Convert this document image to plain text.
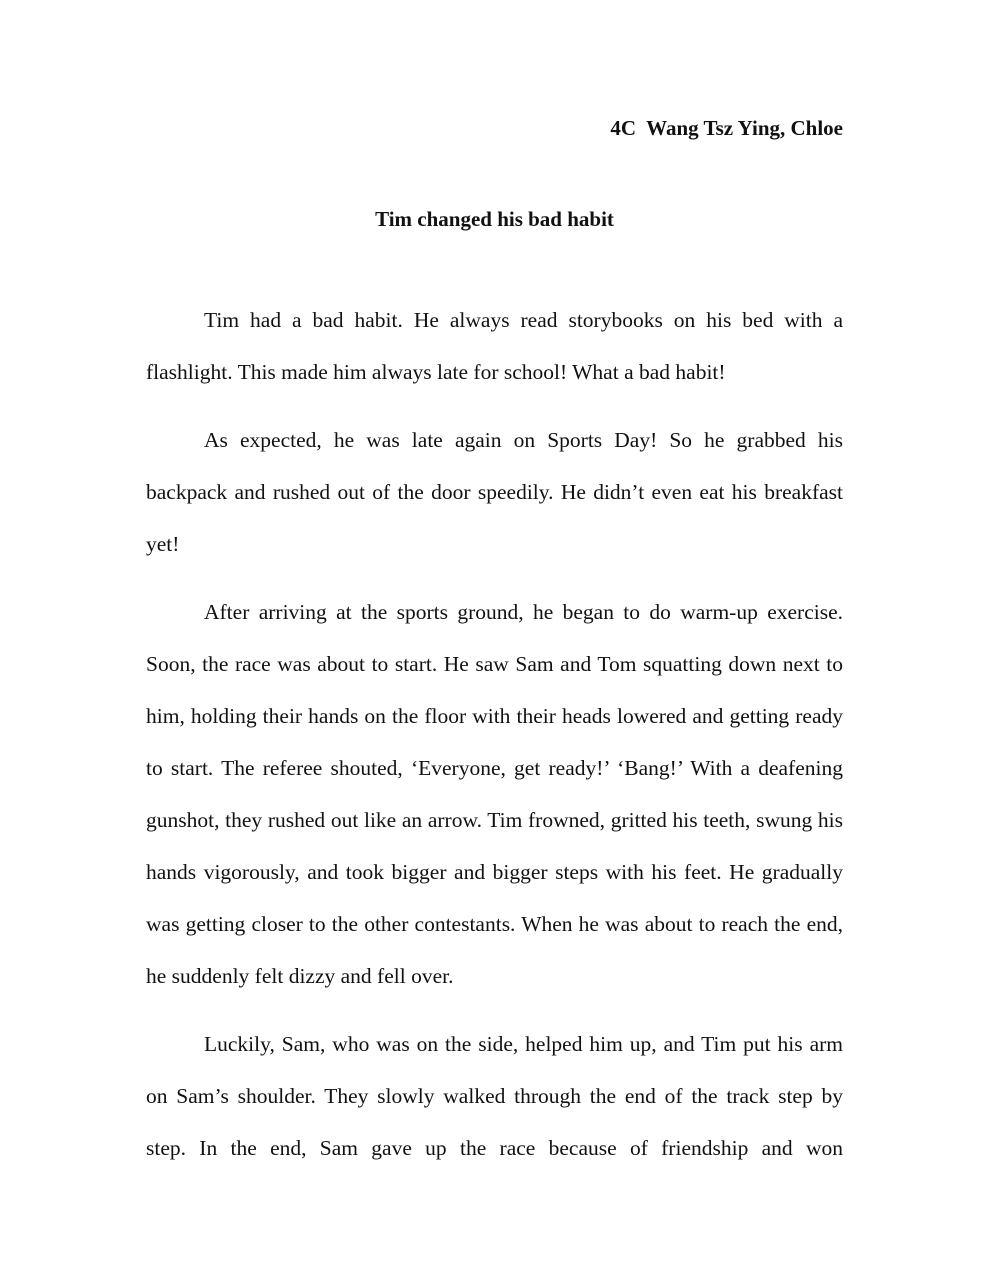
4C  Wang Tsz Ying, Chloe

Tim changed his bad habit

Tim had a bad habit. He always read storybooks on his bed with a flashlight. This made him always late for school! What a bad habit!

As expected, he was late again on Sports Day! So he grabbed his backpack and rushed out of the door speedily. He didn’t even eat his breakfast yet!

After arriving at the sports ground, he began to do warm-up exercise. Soon, the race was about to start. He saw Sam and Tom squatting down next to him, holding their hands on the floor with their heads lowered and getting ready to start. The referee shouted, ‘Everyone, get ready!’ ‘Bang!’ With a deafening gunshot, they rushed out like an arrow. Tim frowned, gritted his teeth, swung his hands vigorously, and took bigger and bigger steps with his feet. He gradually was getting closer to the other contestants. When he was about to reach the end, he suddenly felt dizzy and fell over.

Luckily, Sam, who was on the side, helped him up, and Tim put his arm on Sam’s shoulder. They slowly walked through the end of the track step by step. In the end, Sam gave up the race because of friendship and won
